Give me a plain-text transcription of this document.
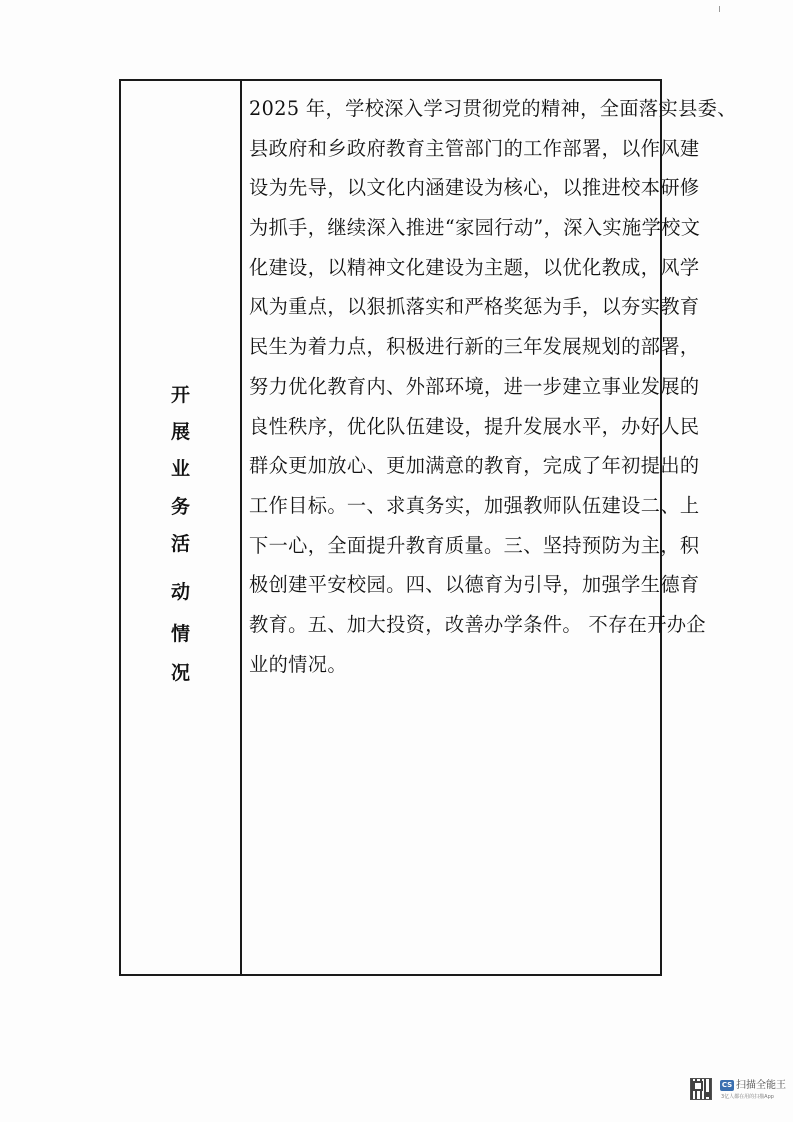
开
展
业
务
活
动
情
况
2025 年，学校深入学习贯彻党的精神，全面落实县委、
县政府和乡政府教育主管部门的工作部署，以作风建
设为先导，以文化内涵建设为核心，以推进校本研修
为抓手，继续深入推进“家园行动”，深入实施学校文
化建设，以精神文化建设为主题，以优化教成，风学
风为重点，以狠抓落实和严格奖惩为手，以夯实教育
民生为着力点，积极进行新的三年发展规划的部署，
努力优化教育内、外部环境，进一步建立事业发展的
良性秩序，优化队伍建设，提升发展水平，办好人民
群众更加放心、更加满意的教育，完成了年初提出的
工作目标。一、求真务实，加强教师队伍建设二、上
下一心，全面提升教育质量。三、坚持预防为主，积
极创建平安校园。四、以德育为引导，加强学生德育
教育。五、加大投资，改善办学条件。 不存在开办企
业的情况。
CS 扫描全能王
3亿人都在用的扫描App
